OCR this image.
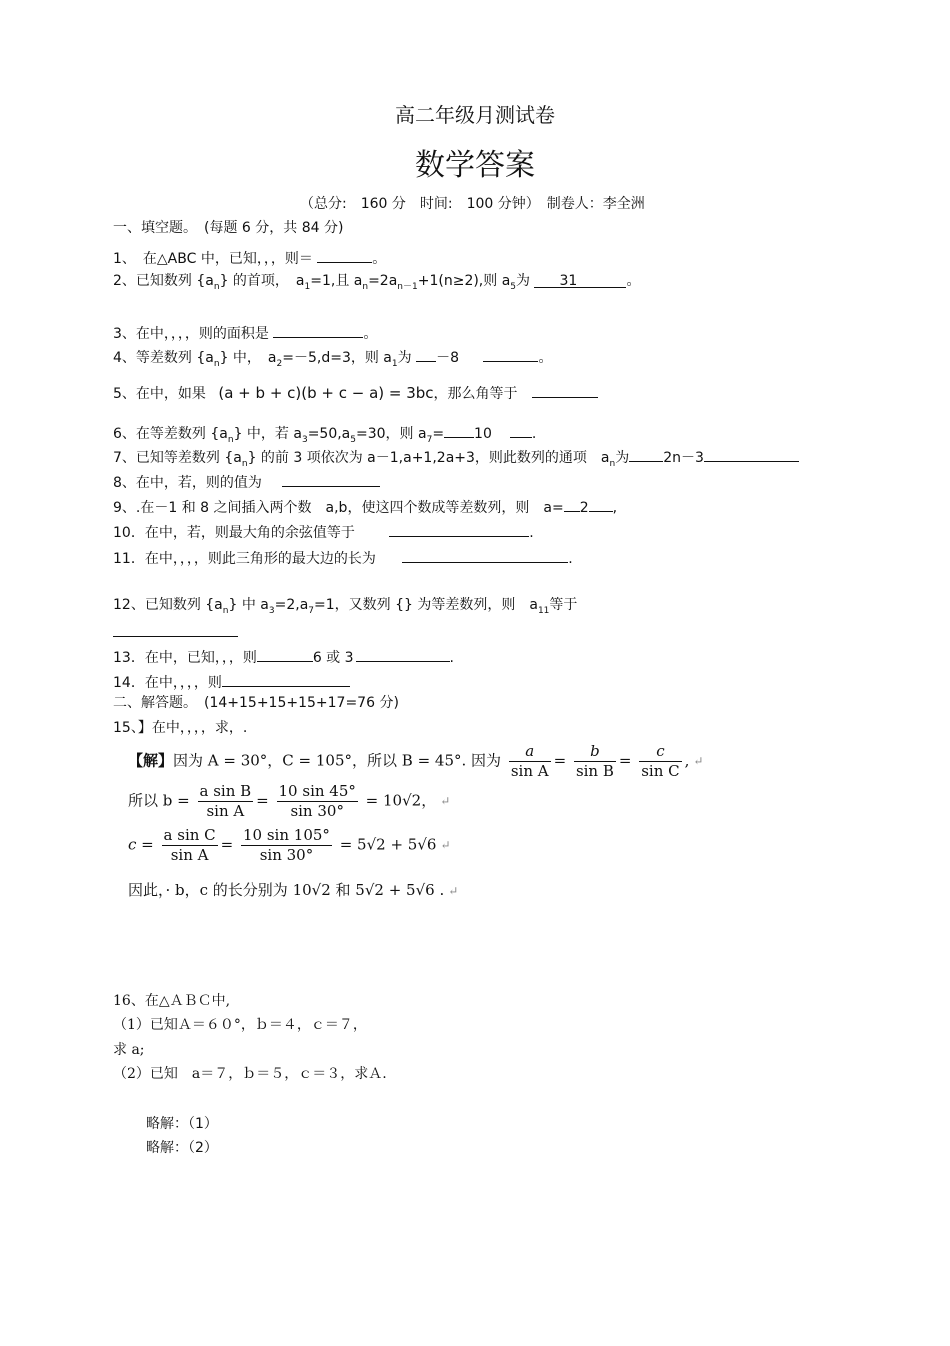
高二年级月测试卷
数学答案
（总分:　160 分　时间:　100 分钟）　制卷人：李全洲
一、填空题。　(每题 6 分，共 84 分)
1、　在△ABC 中，已知，，，则＝	。
2、已知数列 $\{a_n\}$ 的首项，　$a_1=1$,且 $a_n=2a_{n-1}+1(n\ge 2)$,则 $a_5$为 31	。
3、在中，，，，则的面积是	。
4、等差数列 $\{a_n\}$ 中，　$a_2=-5,d=3$，则 $a_1$为 －8	。
5、在中，如果 (a + b + c)(b + c − a) = 3bc，那么角等于
6、在等差数列 $\{a_n\}$ 中，若 $a_3=50,a_5=30$，则 $a_7= 10$	.
7、已知等差数列 $\{a_n\}$ 的前 3 项依次为 a－1,a+1,2a+3，则此数列的通项　$a_n$为 2n－3
8、在中，若，则的值为
9、.在－1 和 8 之间插入两个数　a,b，使这四个数成等差数列，则　a= 2 ,
10．在中，若，则最大角的余弦值等于	.
11．在中，，，，则此三角形的最大边的长为	.
12、已知数列 $\{a_n\}$ 中 $a_3=2,a_7=1$，又数列 {} 为等差数列，则　$a_{11}$等于
13．在中，已知，，，则	6 或 3	.
14．在中，，，，则
二、解答题。　(14+15+15+15+17=76 分)
15、】在中，，，，求，.
【解】因为 A = 30°，C = 105°，所以 B = 45°. 因为 $\frac{a}{\text{sin A}} = \frac{b}{\text{sin B}} = \frac{c}{\text{sin C}}$ , ↵
所以 $b = \frac{\text{a sin B}}{\text{sin A}} = \frac{10 \sin 45^\circ}{\sin 30^\circ} = 10√2$， ↵
$c = \frac{\text{a sin C}}{\text{sin A}} = \frac{10 \sin 105^\circ}{\sin 30^\circ} = 5√2 + 5√6$ ↵
因此，· b，c 的长分别为 10√2 和 5√2 + 5√6 . ↵
16、在△ＡＢＣ中,
（1）已知Ａ＝６０°，ｂ＝４，ｃ＝７，
求 a;
（2）已知　a＝７，ｂ＝５，ｃ＝３，求Ａ.
略解：（1）
略解：（2）
